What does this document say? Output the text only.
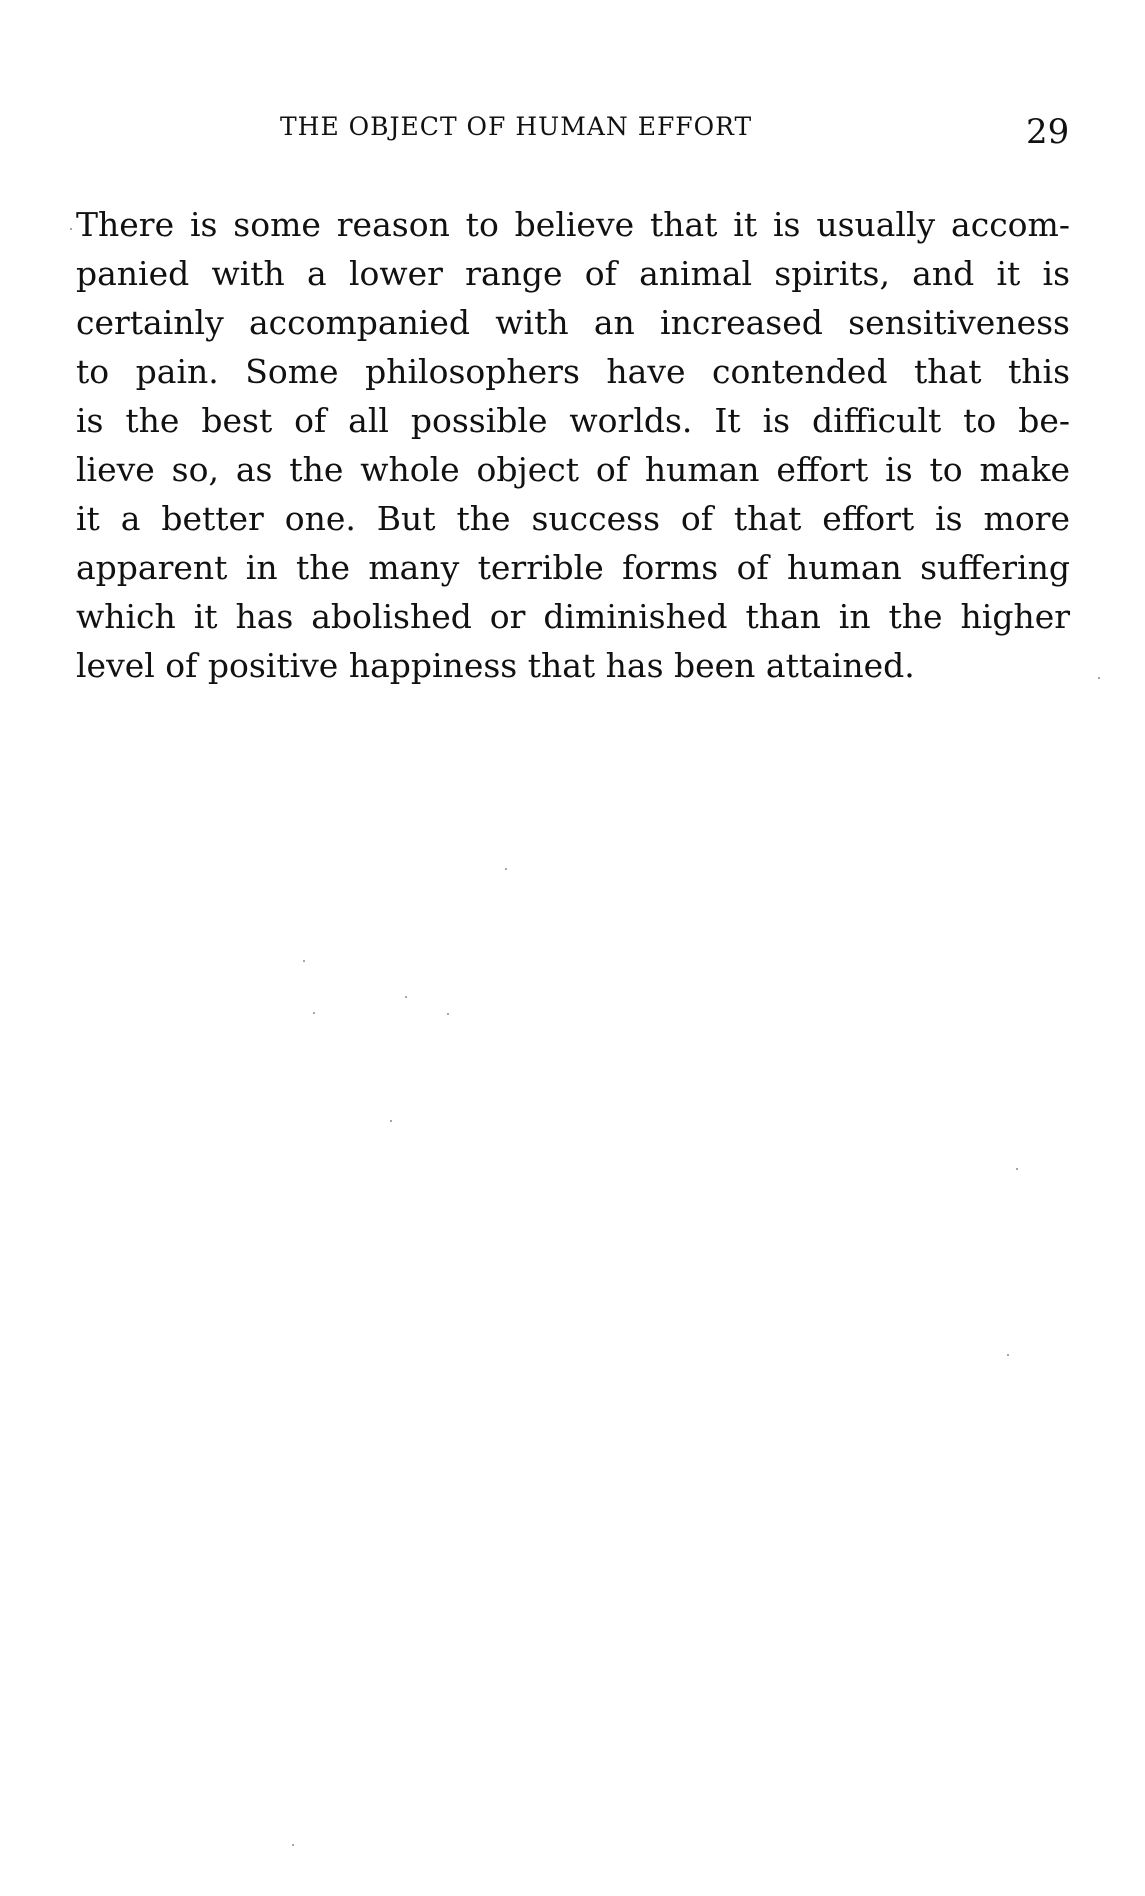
THE OBJECT OF HUMAN EFFORT	29
There is some reason to believe that it is usually accom-
panied with a lower range of animal spirits, and it is
certainly accompanied with an increased sensitiveness
to pain. Some philosophers have contended that this
is the best of all possible worlds. It is difficult to be-
lieve so, as the whole object of human effort is to make
it a better one. But the success of that effort is more
apparent in the many terrible forms of human suffering
which it has abolished or diminished than in the higher
level of positive happiness that has been attained.
